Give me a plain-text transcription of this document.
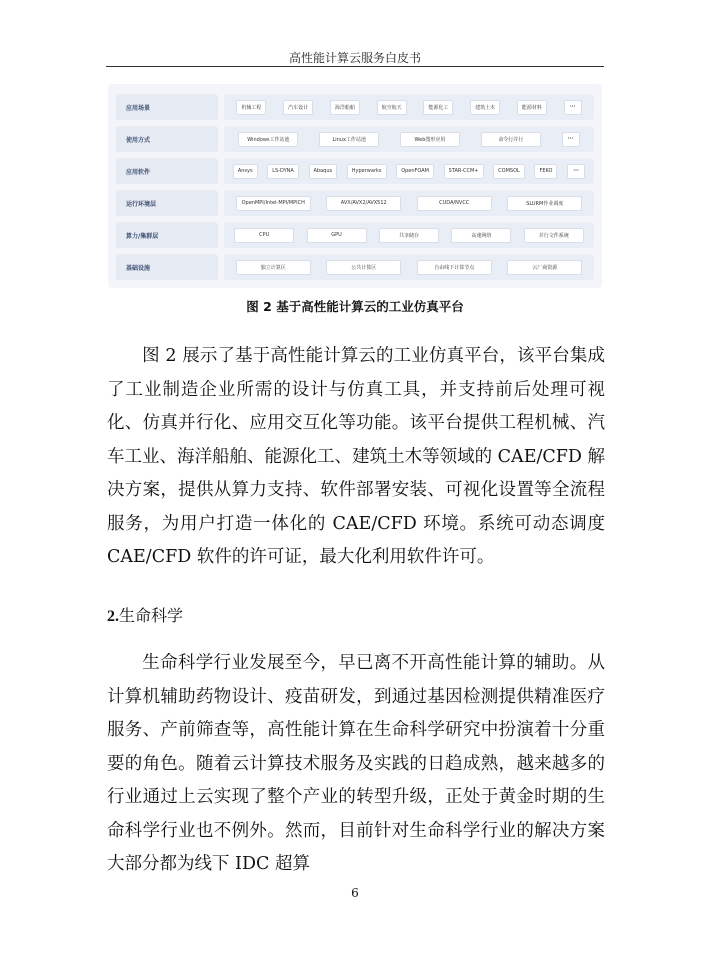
高性能计算云服务白皮书
应用场景	机械工程	汽车设计	海洋船舶	航空航天	能源化工	建筑土木	能源材料	···
使用方式	Windows工作站池	Linux工作站池	Web图形应用	命令行并行	···
应用软件	Ansys	LS-DYNA	Abaqus	Hyperwarks	OpenFOAM	STAR-CCM+	COMSOL	FEKO	···
运行环境层	OpenMPI/Intel-MPI/MPICH	AVX/AVX2/AVX512	CUDA/NVCC	SLURM作业调度
算力/集群层	CPU	GPU	共享储存	高速网络	并行文件系统
基础设施	独立计算区	公共计算区	自由线下计算节点	云厂商资源
图 2 基于高性能计算云的工业仿真平台

图 2 展示了基于高性能计算云的工业仿真平台，该平台集成了工业制造企业所需的设计与仿真工具，并支持前后处理可视化、仿真并行化、应用交互化等功能。该平台提供工程机械、汽车工业、海洋船舶、能源化工、建筑土木等领域的 CAE/CFD 解决方案，提供从算力支持、软件部署安装、可视化设置等全流程服务，为用户打造一体化的 CAE/CFD 环境。系统可动态调度 CAE/CFD 软件的许可证，最大化利用软件许可。

2.生命科学

生命科学行业发展至今，早已离不开高性能计算的辅助。从计算机辅助药物设计、疫苗研发，到通过基因检测提供精准医疗服务、产前筛查等，高性能计算在生命科学研究中扮演着十分重要的角色。随着云计算技术服务及实践的日趋成熟，越来越多的行业通过上云实现了整个产业的转型升级，正处于黄金时期的生命科学行业也不例外。然而，目前针对生命科学行业的解决方案大部分都为线下 IDC 超算

6
